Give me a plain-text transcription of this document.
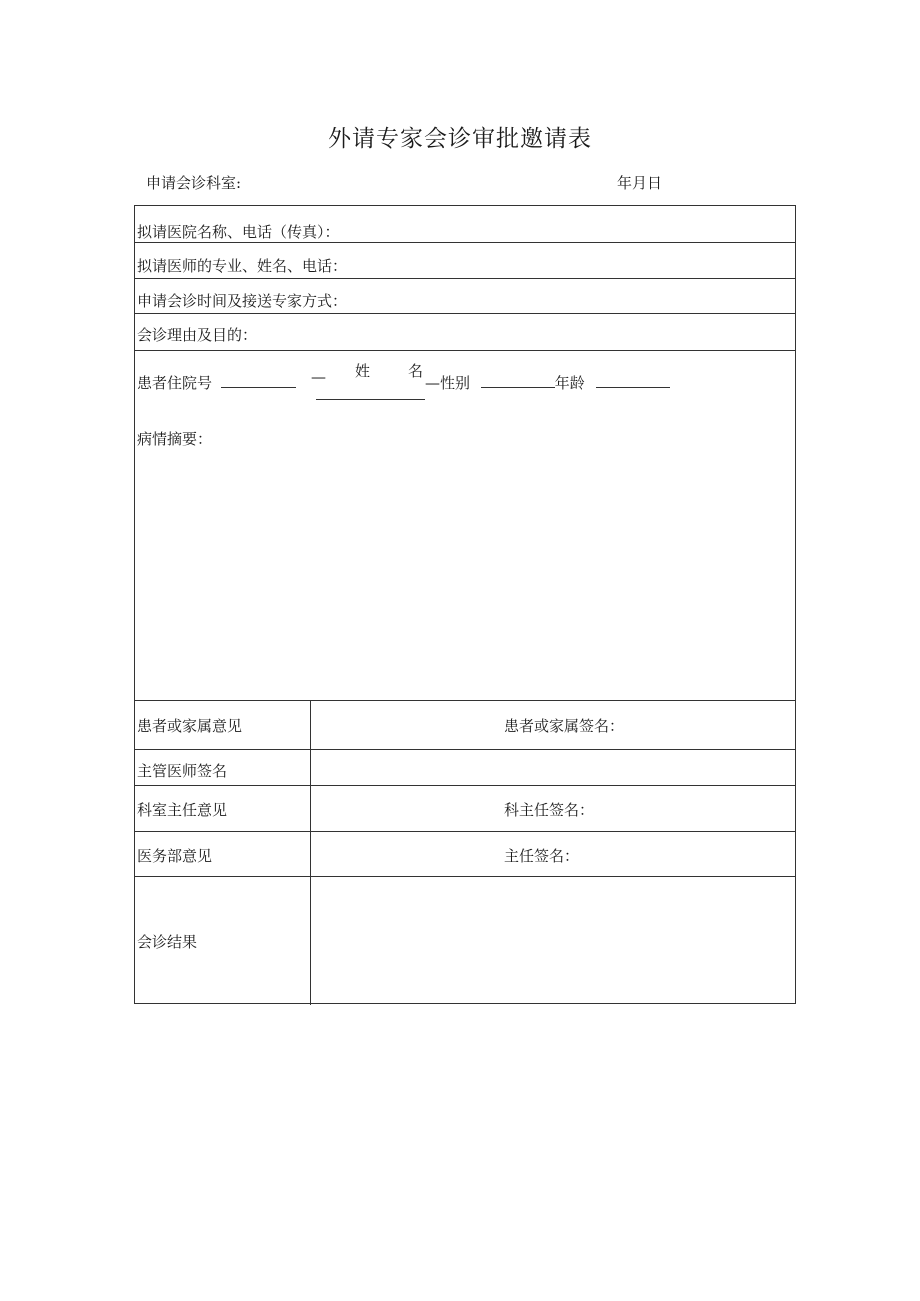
外请专家会诊审批邀请表
申请会诊科室:	年月日
拟请医院名称、电话（传真）：
拟请医师的专业、姓名、电话：
申请会诊时间及接送专家方式：
会诊理由及目的：
患者住院号	— 姓	名
—性别	年龄
病情摘要：
患者或家属意见	患者或家属签名：
主管医师签名
科室主任意见	科主任签名：
医务部意见	主任签名：
会诊结果
